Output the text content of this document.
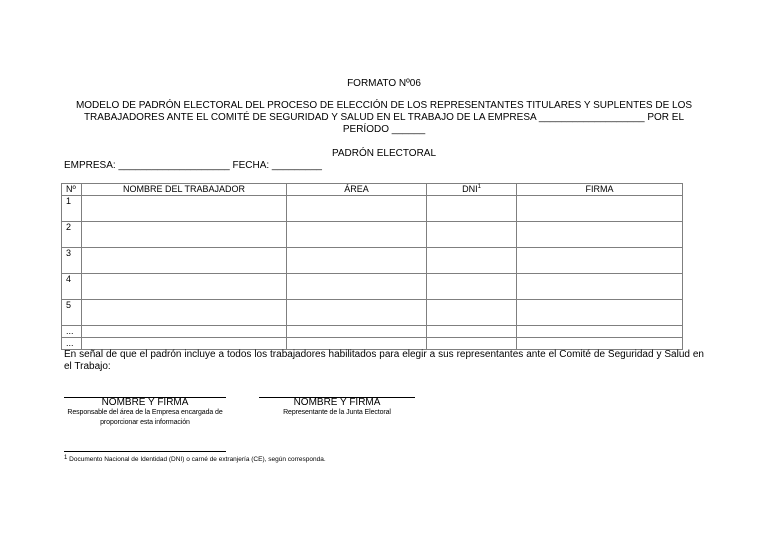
FORMATO Nº06
MODELO DE PADRÓN ELECTORAL DEL PROCESO DE ELECCIÓN DE LOS REPRESENTANTES TITULARES Y SUPLENTES DE LOS TRABAJADORES ANTE EL COMITÉ DE SEGURIDAD Y SALUD EN EL TRABAJO DE LA EMPRESA ___________________ POR EL PERÍODO ______
PADRÓN ELECTORAL
EMPRESA: ____________________ FECHA: _________
Nº	NOMBRE DEL TRABAJADOR	ÁREA	DNI$^1$	FIRMA
1				
2				
3				
4				
5				
...				
...				
En señal de que el padrón incluye a todos los trabajadores habilitados para elegir a sus representantes ante el Comité de Seguridad y Salud en el Trabajo:
NOMBRE Y FIRMA	NOMBRE Y FIRMA
Responsable del área de la Empresa encargada de proporcionar esta información
Representante de la Junta Electoral
$^1$ Documento Nacional de Identidad (DNI) o carné de extranjería (CE), según corresponda.
